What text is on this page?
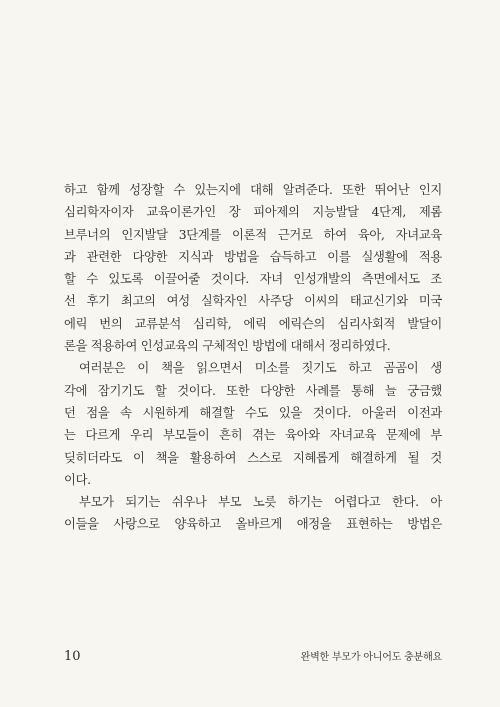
하고 함께 성장할 수 있는지에 대해 알려준다. 또한 뛰어난 인지
심리학자이자 교육이론가인 장 피아제의 지능발달 4단계, 제롬
브루너의 인지발달 3단계를 이론적 근거로 하여 육아, 자녀교육
과 관련한 다양한 지식과 방법을 습득하고 이를 실생활에 적용
할 수 있도록 이끌어줄 것이다. 자녀 인성개발의 측면에서도 조
선 후기 최고의 여성 실학자인 사주당 이씨의 태교신기와 미국
에릭 번의 교류분석 심리학, 에릭 에릭슨의 심리사회적 발달이
론을 적용하여 인성교육의 구체적인 방법에 대해서 정리하였다.
여러분은 이 책을 읽으면서 미소를 짓기도 하고 곰곰이 생
각에 잠기기도 할 것이다. 또한 다양한 사례를 통해 늘 궁금했
던 점을 속 시원하게 해결할 수도 있을 것이다. 아울러 이전과
는 다르게 우리 부모들이 흔히 겪는 육아와 자녀교육 문제에 부
딪히더라도 이 책을 활용하여 스스로 지혜롭게 해결하게 될 것
이다.
부모가 되기는 쉬우나 부모 노릇 하기는 어렵다고 한다. 아
이들을 사랑으로 양육하고 올바르게 애정을 표현하는 방법은
10	완벽한 부모가 아니어도 충분해요
